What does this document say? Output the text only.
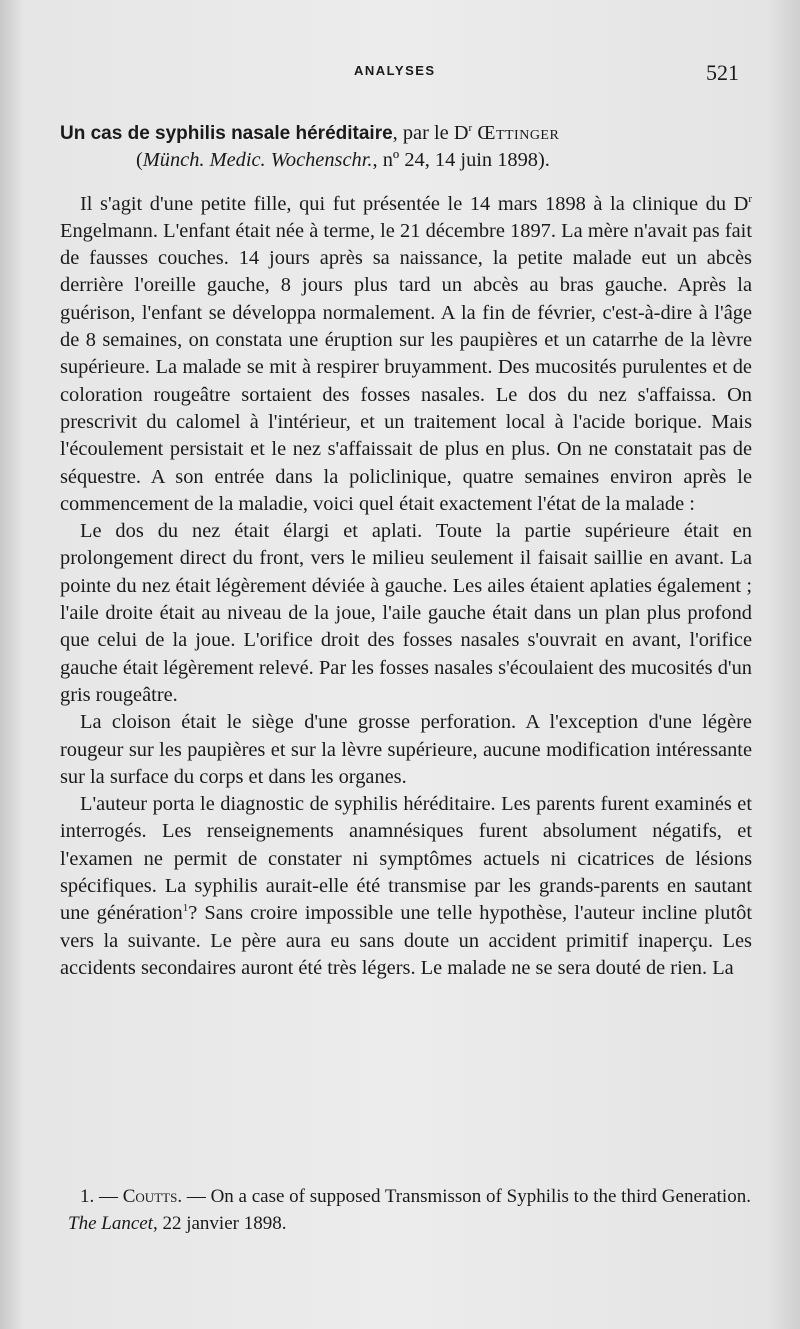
ANALYSES	521
Un cas de syphilis nasale héréditaire, par le $D^r$ Œttinger
(Münch. Medic. Wochenschr., nº 24, 14 juin 1898).

Il s'agit d'une petite fille, qui fut présentée le 14 mars 1898 à la clinique du $D^r$ Engelmann. L'enfant était née à terme, le 21 décembre 1897. La mère n'avait pas fait de fausses couches. 14 jours après sa naissance, la petite malade eut un abcès derrière l'oreille gauche, 8 jours plus tard un abcès au bras gauche. Après la guérison, l'enfant se développa normalement. A la fin de février, c'est-à-dire à l'âge de 8 semaines, on constata une éruption sur les paupières et un catarrhe de la lèvre supérieure. La malade se mit à respirer bruyamment. Des mucosités purulentes et de coloration rougeâtre sortaient des fosses nasales. Le dos du nez s'affaissa. On prescrivit du calomel à l'intérieur, et un traitement local à l'acide borique. Mais l'écoulement persistait et le nez s'affaissait de plus en plus. On ne constatait pas de séquestre. A son entrée dans la policlinique, quatre semaines environ après le commencement de la maladie, voici quel était exactement l'état de la malade :

Le dos du nez était élargi et aplati. Toute la partie supérieure était en prolongement direct du front, vers le milieu seulement il faisait saillie en avant. La pointe du nez était légèrement déviée à gauche. Les ailes étaient aplaties également ; l'aile droite était au niveau de la joue, l'aile gauche était dans un plan plus profond que celui de la joue. L'orifice droit des fosses nasales s'ouvrait en avant, l'orifice gauche était légèrement relevé. Par les fosses nasales s'écoulaient des mucosités d'un gris rougeâtre.

La cloison était le siège d'une grosse perforation. A l'exception d'une légère rougeur sur les paupières et sur la lèvre supérieure, aucune modification intéressante sur la surface du corps et dans les organes.

L'auteur porta le diagnostic de syphilis héréditaire. Les parents furent examinés et interrogés. Les renseignements anamnésiques furent absolument négatifs, et l'examen ne permit de constater ni symptômes actuels ni cicatrices de lésions spécifiques. La syphilis aurait-elle été transmise par les grands-parents en sautant une génération$^1$? Sans croire impossible une telle hypothèse, l'auteur incline plutôt vers la suivante. Le père aura eu sans doute un accident primitif inaperçu. Les accidents secondaires auront été très légers. Le malade ne se sera douté de rien. La

1. — Coutts. — On a case of supposed Transmisson of Syphilis to the third Generation. The Lancet, 22 janvier 1898.
